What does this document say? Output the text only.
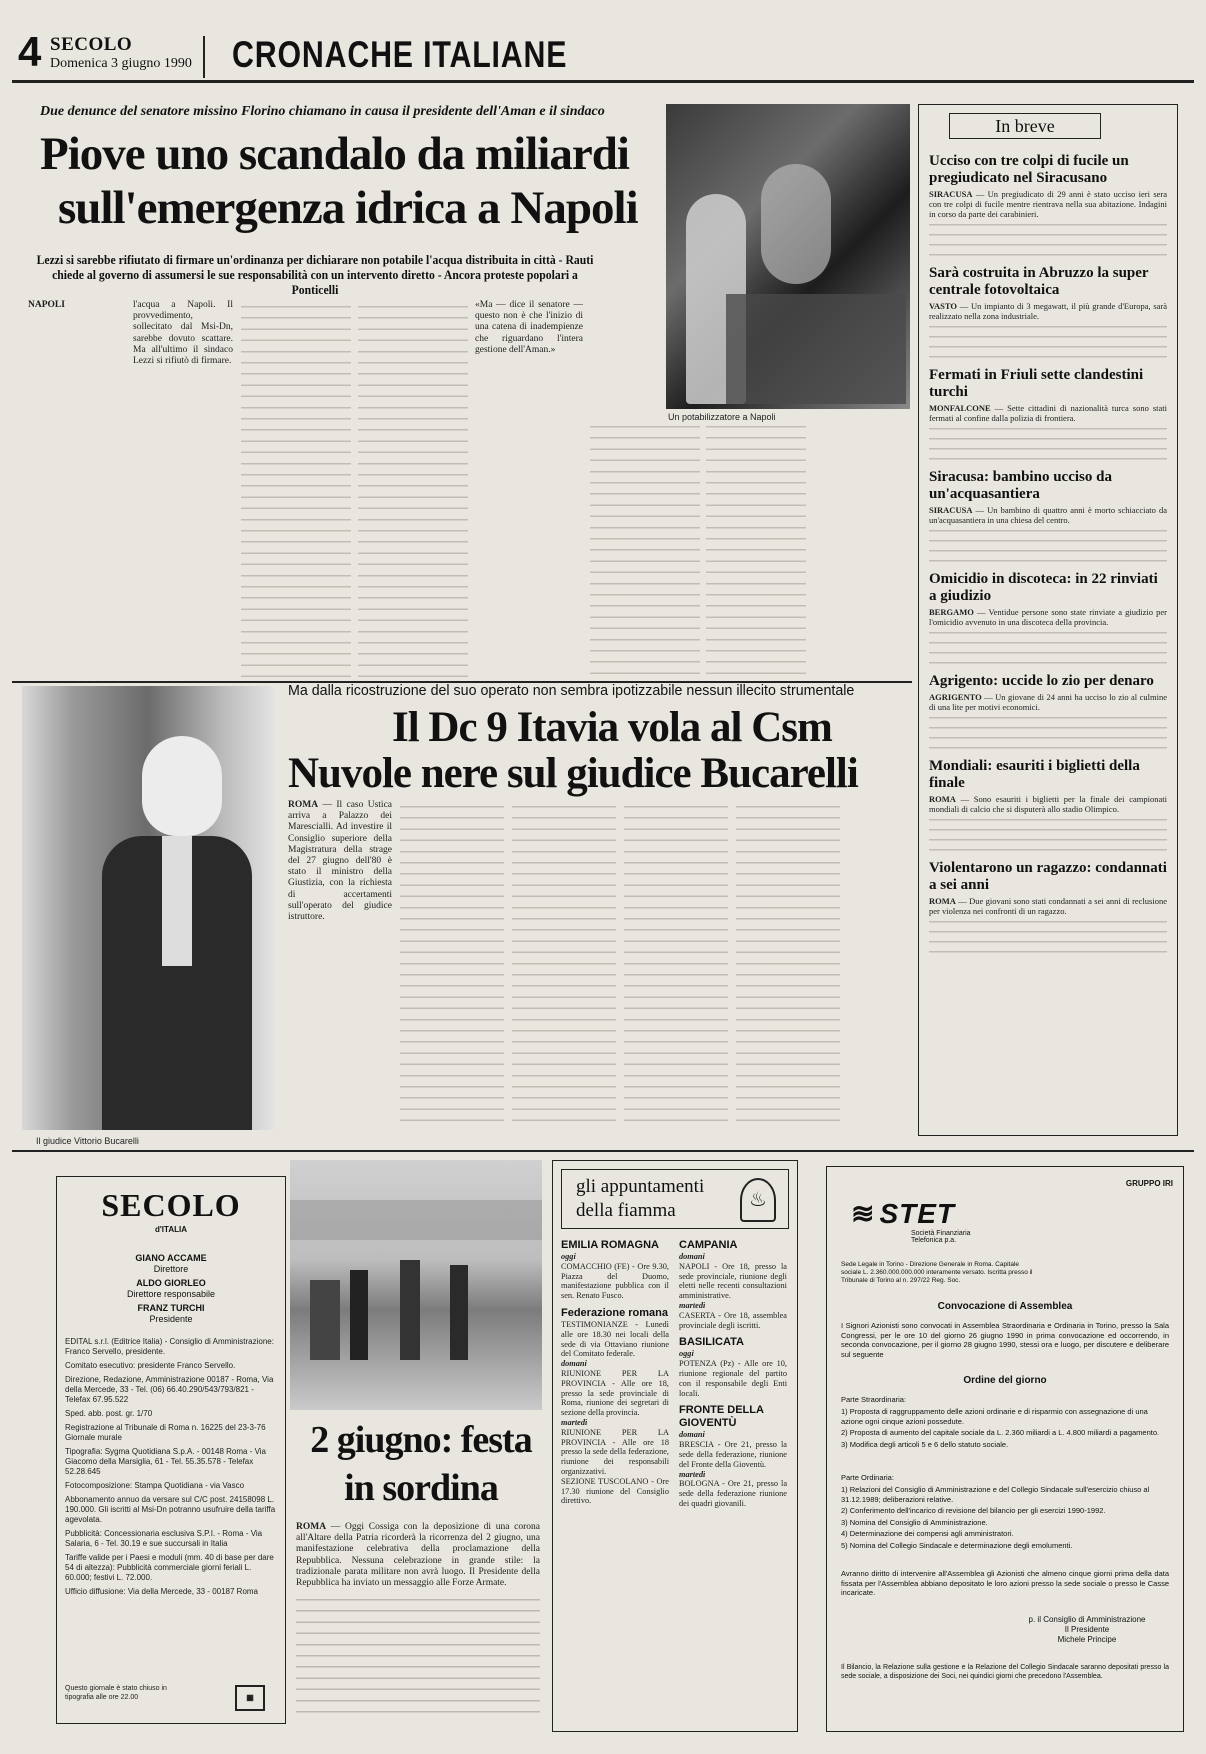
4 SECOLO
Domenica 3 giugno 1990 CRONACHE ITALIANE
Due denunce del senatore missino Florino chiamano in causa il presidente dell'Aman e il sindaco
Piove uno scandalo da miliardi
sull'emergenza idrica a Napoli
Lezzi si sarebbe rifiutato di firmare un'ordinanza per dichiarare non potabile l'acqua distribuita in città - Rauti chiede al governo di assumersi le sue responsabilità con un intervento diretto - Ancora proteste popolari a Ponticelli
NAPOLI	l'acqua a Napoli. Il provvedimento, sollecitato dal Msi-Dn, sarebbe dovuto scattare. Ma all'ultimo il sindaco Lezzi si rifiutò di firmare.
«Ma — dice il senatore — questo non è che l'inizio di una catena di inadempienze che riguardano l'intera gestione dell'Aman.»
Un potabilizzatore a Napoli
In breve
Ucciso con tre colpi di fucile un pregiudicato nel Siracusano
SIRACUSA — Un pregiudicato di 29 anni è stato ucciso ieri sera con tre colpi di fucile mentre rientrava nella sua abitazione. Indagini in corso da parte dei carabinieri.
Sarà costruita in Abruzzo la super centrale fotovoltaica
VASTO — Un impianto di 3 megawatt, il più grande d'Europa, sarà realizzato nella zona industriale.
Fermati in Friuli sette clandestini turchi
MONFALCONE — Sette cittadini di nazionalità turca sono stati fermati al confine dalla polizia di frontiera.
Siracusa: bambino ucciso da un'acquasantiera
SIRACUSA — Un bambino di quattro anni è morto schiacciato da un'acquasantiera in una chiesa del centro.
Omicidio in discoteca: in 22 rinviati a giudizio
BERGAMO — Ventidue persone sono state rinviate a giudizio per l'omicidio avvenuto in una discoteca della provincia.
Agrigento: uccide lo zio per denaro
AGRIGENTO — Un giovane di 24 anni ha ucciso lo zio al culmine di una lite per motivi economici.
Mondiali: esauriti i biglietti della finale
ROMA — Sono esauriti i biglietti per la finale dei campionati mondiali di calcio che si disputerà allo stadio Olimpico.
Violentarono un ragazzo: condannati a sei anni
ROMA — Due giovani sono stati condannati a sei anni di reclusione per violenza nei confronti di un ragazzo.
Il giudice Vittorio Bucarelli
Ma dalla ricostruzione del suo operato non sembra ipotizzabile nessun illecito strumentale
Il Dc 9 Itavia vola al Csm
Nuvole nere sul giudice Bucarelli
ROMA — Il caso Ustica arriva a Palazzo dei Marescialli. Ad investire il Consiglio superiore della Magistratura della strage del 27 giugno dell'80 è stato il ministro della Giustizia, con la richiesta di accertamenti sull'operato del giudice istruttore.
SECOLO
d'ITALIA
GIANO ACCAME
Direttore
ALDO GIORLEO
Direttore responsabile
FRANZ TURCHI
Presidente
EDITAL s.r.l. (Editrice Italia) - Consiglio di Amministrazione: Franco Servello, presidente.
Comitato esecutivo: presidente Franco Servello.
Direzione, Redazione, Amministrazione 00187 - Roma, Via della Mercede, 33 - Tel. (06) 66.40.290/543/793/821 - Telefax 67.95.522
Sped. abb. post. gr. 1/70
Registrazione al Tribunale di Roma n. 16225 del 23-3-76 Giornale murale
Tipografia: Sygma Quotidiana S.p.A. - 00148 Roma - Via Giacomo della Marsiglia, 61 - Tel. 55.35.578 - Telefax 52.28.645
Fotocomposizione: Stampa Quotidiana - via Vasco
Abbonamento annuo da versare sul C/C post. 24158098 L. 190.000. Gli iscritti al Msi-Dn potranno usufruire della tariffa agevolata.
Pubblicità: Concessionaria esclusiva S.P.I. - Roma - Via Salaria, 6 - Tel. 30.19 e sue succursali in Italia
Tariffe valide per i Paesi e moduli (mm. 40 di base per dare 54 di altezza): Pubblicità commerciale giorni feriali L. 60.000; festivi L. 72.000.
Ufficio diffusione: Via della Mercede, 33 - 00187 Roma
Questo giornale è stato chiuso in tipografia alle ore 22.00	▦
2 giugno: festa
in sordina
ROMA — Oggi Cossiga con la deposizione di una corona all'Altare della Patria ricorderà la ricorrenza del 2 giugno, una manifestazione celebrativa della proclamazione della Repubblica. Nessuna celebrazione in grande stile: la tradizionale parata militare non avrà luogo. Il Presidente della Repubblica ha inviato un messaggio alle Forze Armate.
gli appuntamenti
della fiamma	♨
EMILIA ROMAGNA
oggi
COMACCHIO (FE) - Ore 9.30, Piazza del Duomo, manifestazione pubblica con il sen. Renato Fusco.
Federazione romana
TESTIMONIANZE - Lunedì alle ore 18.30 nei locali della sede di via Ottaviano riunione del Comitato federale.
domani
RIUNIONE PER LA PROVINCIA - Alle ore 18, presso la sede provinciale di Roma, riunione dei segretari di sezione della provincia.
martedì
RIUNIONE PER LA PROVINCIA - Alle ore 18 presso la sede della federazione, riunione dei responsabili organizzativi.
SEZIONE TUSCOLANO - Ore 17.30 riunione del Consiglio direttivo.
CAMPANIA
domani
NAPOLI - Ore 18, presso la sede provinciale, riunione degli eletti nelle recenti consultazioni amministrative.
martedì
CASERTA - Ore 18, assemblea provinciale degli iscritti.
BASILICATA
oggi
POTENZA (Pz) - Alle ore 10, riunione regionale del partito con il responsabile degli Enti locali.
FRONTE DELLA GIOVENTÙ
domani
BRESCIA - Ore 21, presso la sede della federazione, riunione del Fronte della Gioventù.
martedì
BOLOGNA - Ore 21, presso la sede della federazione riunione dei quadri giovanili.
GRUPPO IRI
≋ STET
Società Finanziaria Telefonica p.a.
Sede Legale in Torino - Direzione Generale in Roma. Capitale sociale L. 2.360.000.000.000 interamente versato. Iscritta presso il Tribunale di Torino al n. 297/22 Reg. Soc.
Convocazione di Assemblea
I Signori Azionisti sono convocati in Assemblea Straordinaria e Ordinaria in Torino, presso la Sala Congressi, per le ore 10 del giorno 26 giugno 1990 in prima convocazione ed occorrendo, in seconda convocazione, per il giorno 28 giugno 1990, stessi ora e luogo, per discutere e deliberare sul seguente
Ordine del giorno
Parte Straordinaria:
1) Proposta di raggruppamento delle azioni ordinarie e di risparmio con assegnazione di una azione ogni cinque azioni possedute.
2) Proposta di aumento del capitale sociale da L. 2.360 miliardi a L. 4.800 miliardi a pagamento.
3) Modifica degli articoli 5 e 6 dello statuto sociale.
Parte Ordinaria:
1) Relazioni del Consiglio di Amministrazione e del Collegio Sindacale sull'esercizio chiuso al 31.12.1989; deliberazioni relative.
2) Conferimento dell'incarico di revisione del bilancio per gli esercizi 1990-1992.
3) Nomina del Consiglio di Amministrazione.
4) Determinazione dei compensi agli amministratori.
5) Nomina del Collegio Sindacale e determinazione degli emolumenti.
Avranno diritto di intervenire all'Assemblea gli Azionisti che almeno cinque giorni prima della data fissata per l'Assemblea abbiano depositato le loro azioni presso la sede sociale o presso le Casse incaricate.
p. il Consiglio di Amministrazione
Il Presidente
Michele Principe
Il Bilancio, la Relazione sulla gestione e la Relazione del Collegio Sindacale saranno depositati presso la sede sociale, a disposizione dei Soci, nei quindici giorni che precedono l'Assemblea.
